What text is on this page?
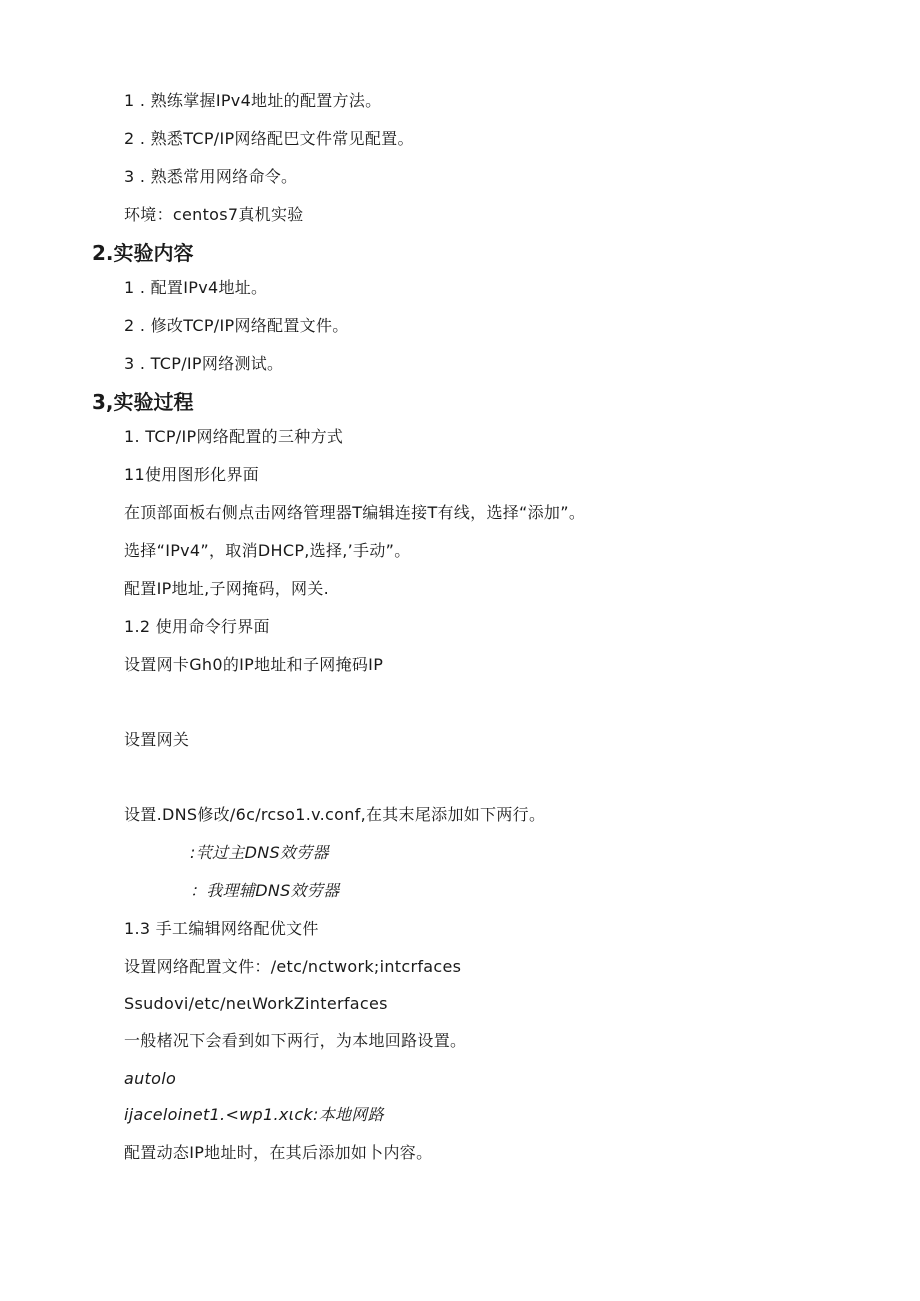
1 . 熟练掌握IPv4地址的配置方法。
2 . 熟悉TCP/IP网络配巴文件常见配置。
3 . 熟悉常用网络命令。
环境：centos7真机实验
2.实验内容
1 . 配置IPv4地址。
2 . 修改TCP/IP网络配置文件。
3 . TCP/IP网络测试。
3,实验过程
1. TCP/IP网络配置的三种方式
11使用图形化界面
在顶部面板右侧点击网络管理器T编辑连接T有线，选择“添加”。
选择“IPv4”，取消DHCP,选择,’手动”。
配置IP地址,子网掩码，网关.
1.2 使用命令行界面
设置网卡Gh0的IP地址和子网掩码IP
设置网关
设置.DNS修改/6c/rcso1.v.conf,在其末尾添加如下两行。
:茕过主DNS效劳器
：我理辅DNS效劳器
1.3 手工编辑网络配优文件
设置网络配置文件：/etc/nctwork;intcrfaces
Ssudovi/etc/neιWorkZinterfaces
一般楮况下会看到如下两行，为本地回路设置。
autolo
ijaceloinet1.<wp1.xιck:本地网路
配置动态IP地址时，在其后添加如卜内容。
